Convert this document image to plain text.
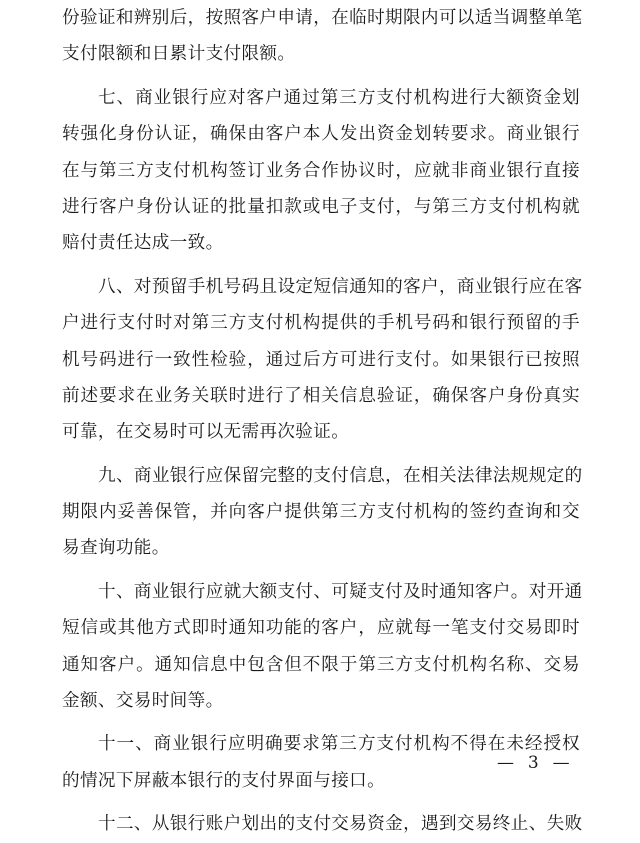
份验证和辨别后，按照客户申请，在临时期限内可以适当调整单笔
支付限额和日累计支付限额。
七、商业银行应对客户通过第三方支付机构进行大额资金划
转强化身份认证，确保由客户本人发出资金划转要求。商业银行
在与第三方支付机构签订业务合作协议时，应就非商业银行直接
进行客户身份认证的批量扣款或电子支付，与第三方支付机构就
赔付责任达成一致。
八、对预留手机号码且设定短信通知的客户，商业银行应在客
户进行支付时对第三方支付机构提供的手机号码和银行预留的手
机号码进行一致性检验，通过后方可进行支付。如果银行已按照
前述要求在业务关联时进行了相关信息验证，确保客户身份真实
可靠，在交易时可以无需再次验证。
九、商业银行应保留完整的支付信息，在相关法律法规规定的
期限内妥善保管，并向客户提供第三方支付机构的签约查询和交
易查询功能。
十、商业银行应就大额支付、可疑支付及时通知客户。对开通
短信或其他方式即时通知功能的客户，应就每一笔支付交易即时
通知客户。通知信息中包含但不限于第三方支付机构名称、交易
金额、交易时间等。
十一、商业银行应明确要求第三方支付机构不得在未经授权
的情况下屏蔽本银行的支付界面与接口。
十二、从银行账户划出的支付交易资金，遇到交易终止、失败
— 3 —
